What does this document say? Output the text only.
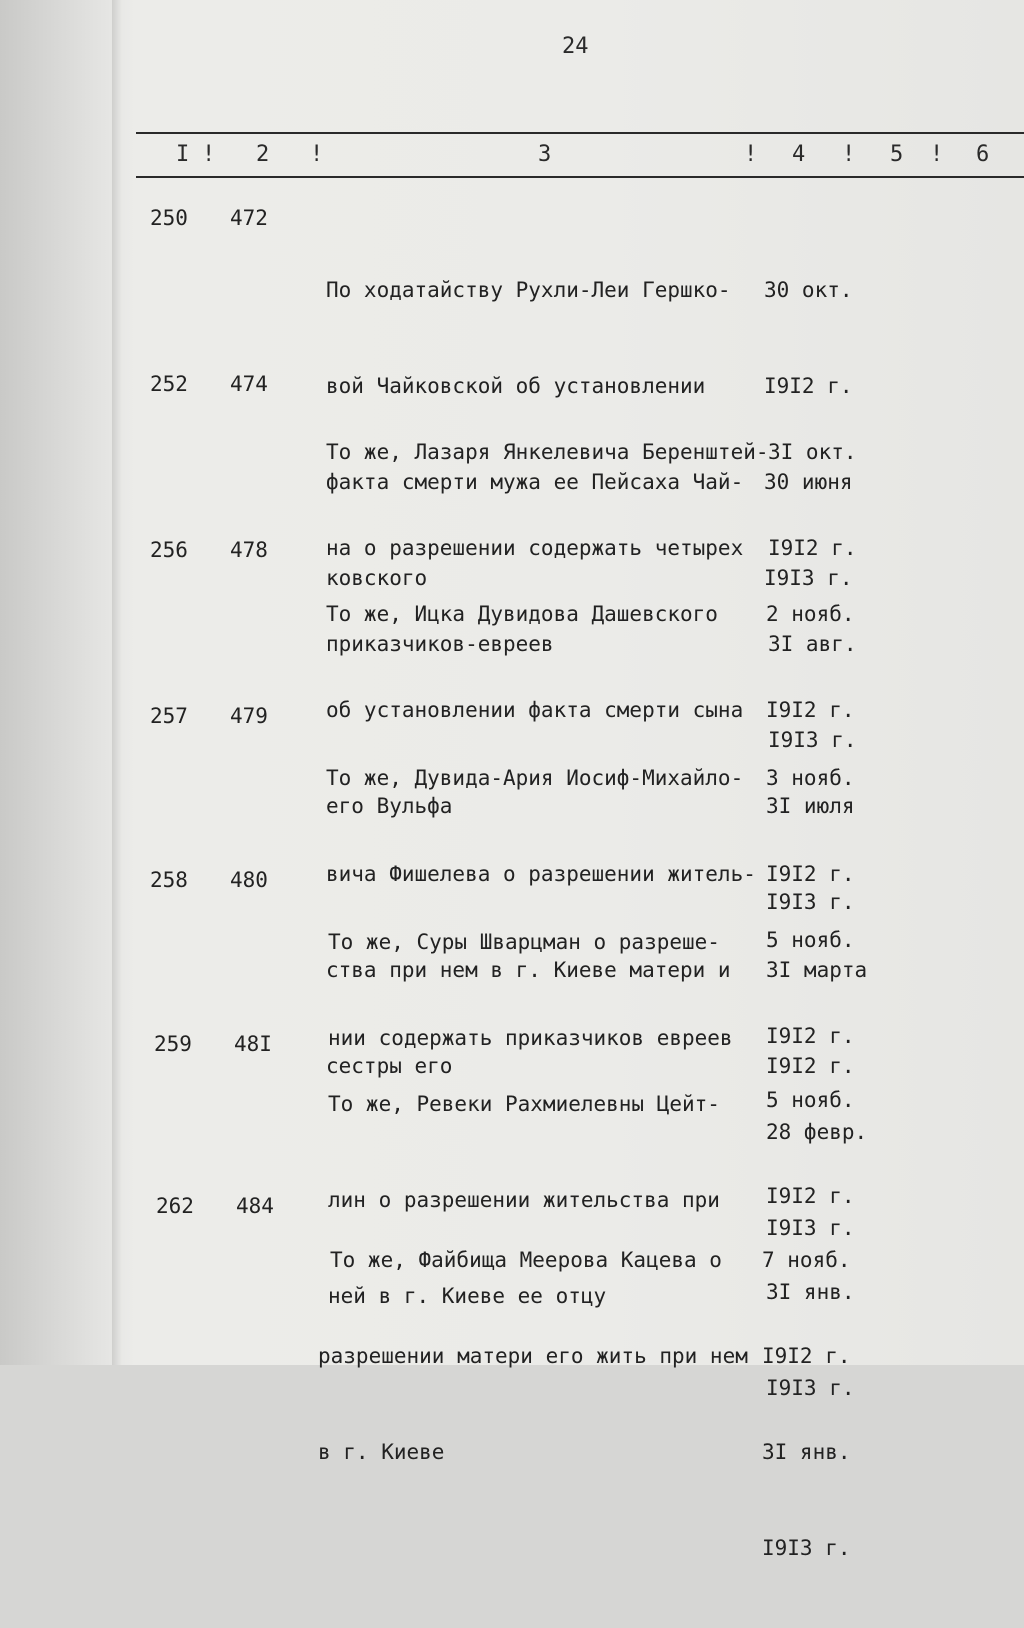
24
I ! 2 !	3	! 4 ! 5 ! 6
250 472

По ходатайству Рухли-Леи Гершко-

вой Чайковской об установлении

факта смерти мужа ее Пейсаха Чай-

ковского

30 окт.

I9I2 г.

30 июня

I9I3 г.

252 474

То же, Лазаря Янкелевича Беренштей-

на о разрешении содержать четырех

приказчиков-евреев

3I окт.

I9I2 г.

3I авг.

I9I3 г.

256 478

То же, Ицка Дувидова Дашевского

об установлении факта смерти сына

его Вульфа

2 нояб.

I9I2 г.

3I июля

I9I3 г.

257 479

То же, Дувида-Ария Иосиф-Михайло-

вича Фишелева о разрешении житель-

ства при нем в г. Киеве матери и

сестры его

3 нояб.

I9I2 г.

3I марта

I9I2 г.

258 480

То же, Суры Шварцман о разреше-

нии содержать приказчиков евреев

5 нояб.

I9I2 г.

28 февр.

I9I3 г.

259 48I

То же, Ревеки Рахмиелевны Цейт-

лин о разрешении жительства при

ней в г. Киеве ее отцу

5 нояб.

I9I2 г.

3I янв.

I9I3 г.

262 484

То же, Файбища Меерова Кацева о

разрешении матери его жить при нем

в г. Киеве

7 нояб.

I9I2 г.

3I янв.

I9I3 г.
